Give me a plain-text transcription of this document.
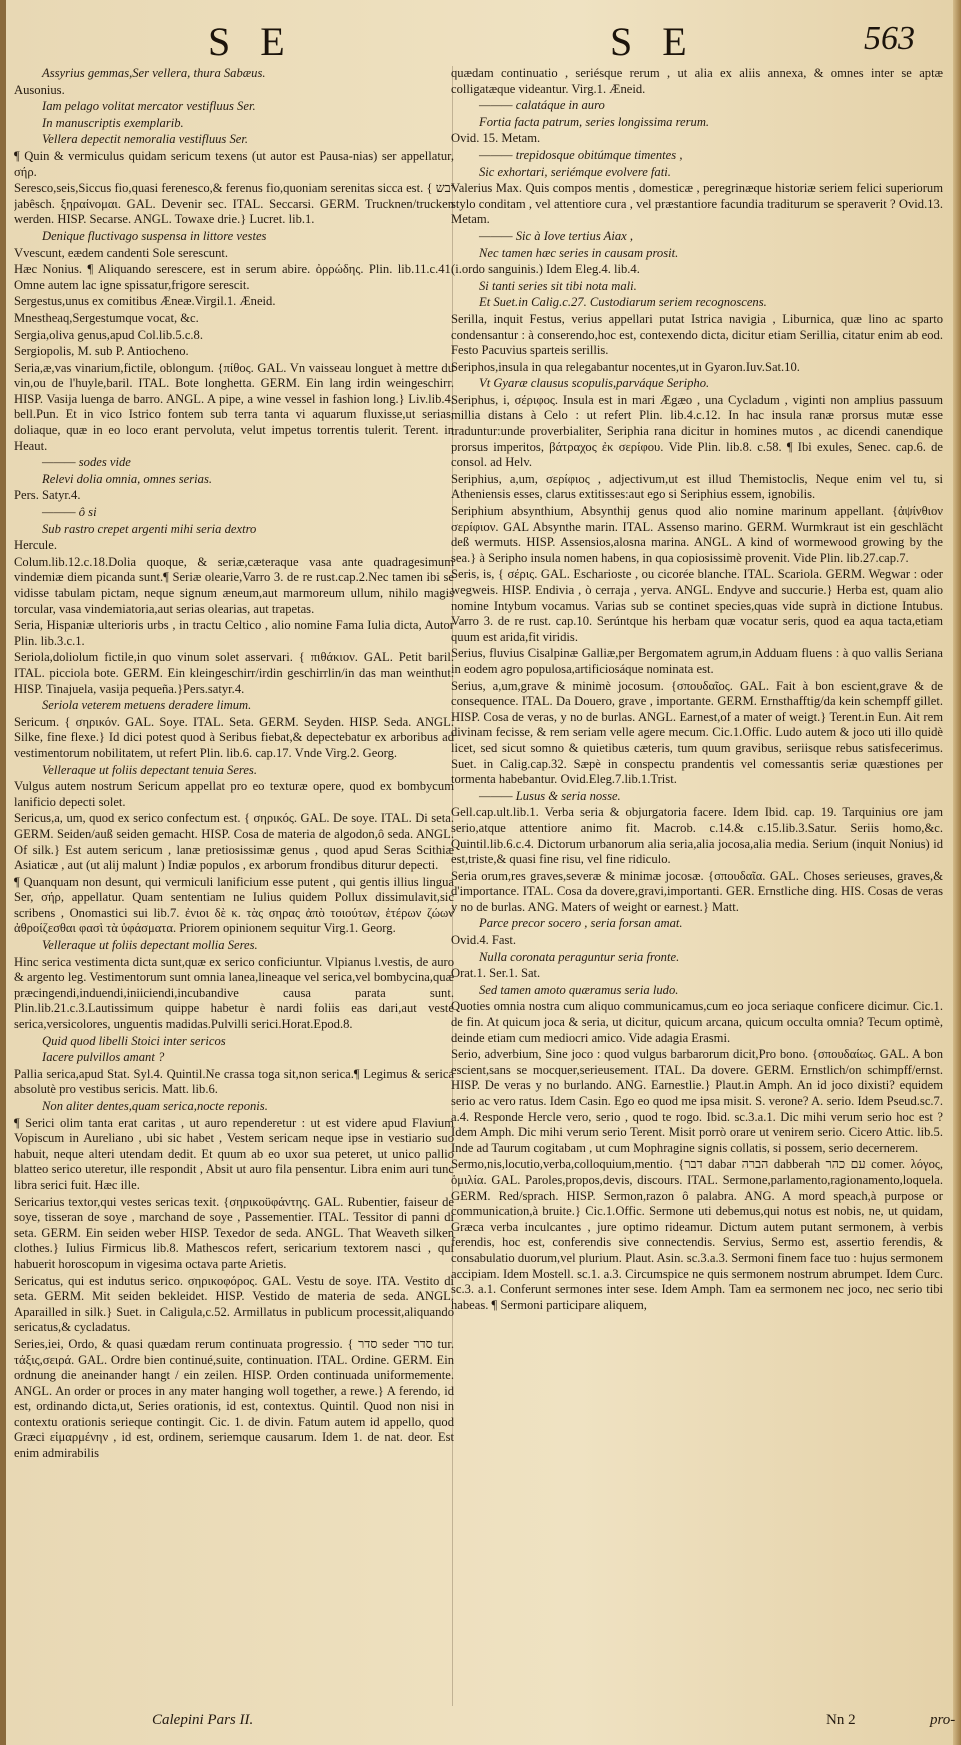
S E	S E	563

Assyrius gemmas,Ser vellera, thura Sabæus.

Ausonius.

Iam pelago volitat mercator vestifluus Ser.

In manuscriptis exemplarib.

Vellera depectit nemoralia vestifluus Ser.

¶ Quin & vermiculus quidam sericum texens (ut autor est Pausa-nias) ser appellatur, σήρ.

Seresco,seis,Siccus fio,quasi ferenesco,& ferenus fio,quoniam serenitas sicca est. { יבש jabêsch. ξηραίνομαι. GAL. Devenir sec. ITAL. Seccarsi. GERM. Trucknen/trucken werden. HISP. Secarse. ANGL. Towaxe drie.} Lucret. lib.1.

Denique fluctivago suspensa in littore vestes

Vvescunt, eædem candenti Sole serescunt.

Hæc Nonius. ¶ Aliquando serescere, est in serum abire. ὀρρώδης. Plin. lib.11.c.41. Omne autem lac igne spissatur,frigore serescit.

Sergestus,unus ex comitibus Æneæ.Virgil.1. Æneid.

Mnestheaq,Sergestumque vocat, &c.

Sergia,oliva genus,apud Col.lib.5.c.8.

Sergiopolis, M. sub P. Antiocheno.

Seria,æ,vas vinarium,fictile, oblongum. {πίθος. GAL. Vn vaisseau longuet à mettre du vin,ou de l'huyle,baril. ITAL. Bote longhetta. GERM. Ein lang irdin weingeschirr. HISP. Vasija luenga de barro. ANGL. A pipe, a wine vessel in fashion long.} Liv.lib.4. bell.Pun. Et in vico Istrico fontem sub terra tanta vi aquarum fluxisse,ut serias, doliaque, quæ in eo loco erant pervoluta, velut impetus torrentis tulerit. Terent. in Heaut.

——— sodes vide

Relevi dolia omnia, omnes serias.

Pers. Satyr.4.

——— ô si

Sub rastro crepet argenti mihi seria dextro

Hercule.

Colum.lib.12.c.18.Dolia quoque, & seriæ,cæteraque vasa ante quadragesimum vindemiæ diem picanda sunt.¶ Seriæ olearie,Varro 3. de re rust.cap.2.Nec tamen ibi se vidisse tabulam pictam, neque signum æneum,aut marmoreum ullum, nihilo magis torcular, vasa vindemiatoria,aut serias olearias, aut trapetas.

Seria, Hispaniæ ulterioris urbs , in tractu Celtico , alio nomine Fama Iulia dicta, Autor Plin. lib.3.c.1.

Seriola,doliolum fictile,in quo vinum solet asservari. { πιθάκιον. GAL. Petit baril. ITAL. picciola bote. GERM. Ein kleingeschirr/irdin geschirrlin/in das man weinthut. HISP. Tinajuela, vasija pequeña.}Pers.satyr.4.

Seriola veterem metuens deradere limum.

Sericum. { σηρικόν. GAL. Soye. ITAL. Seta. GERM. Seyden. HISP. Seda. ANGL. Silke, fine flexe.} Id dici potest quod à Seribus fiebat,& depectebatur ex arboribus ad vestimentorum nobilitatem, ut refert Plin. lib.6. cap.17. Vnde Virg.2. Georg.

Velleraque ut foliis depectant tenuia Seres.

Vulgus autem nostrum Sericum appellat pro eo texturæ opere, quod ex bombycum lanificio depecti solet.

Sericus,a, um, quod ex serico confectum est. { σηρικός. GAL. De soye. ITAL. Di seta. GERM. Seiden/auß seiden gemacht. HISP. Cosa de materia de algodon,ô seda. ANGL. Of silk.} Est autem sericum , lanæ pretiosissimæ genus , quod apud Seras Scithiæ Asiaticæ , aut (ut alij malunt ) Indiæ populos , ex arborum frondibus diturur depecti.

¶ Quanquam non desunt, qui vermiculi lanificium esse putent , qui gentis illius lingua Ser, σήρ, appellatur. Quam sententiam ne Iulius quidem Pollux dissimulavit,sic scribens , Onomastici sui lib.7. ἐνιοι δὲ κ. τὰς σηρας ἀπὸ τοιούτων, ἑτέρων ζώων ἀθροίζεσθαι φασὶ τὰ ὑφάσματα. Priorem opinionem sequitur Virg.1. Georg.

Velleraque ut foliis depectant mollia Seres.

Hinc serica vestimenta dicta sunt,quæ ex serico conficiuntur. Vlpianus l.vestis, de auro & argento leg. Vestimentorum sunt omnia lanea,lineaque vel serica,vel bombycina,quæ præcingendi,induendi,iniiciendi,incubandive causa parata sunt. Plin.lib.21.c.3.Lautissimum quippe habetur è nardi foliis eas dari,aut veste serica,versicolores, unguentis madidas.Pulvilli serici.Horat.Epod.8.

Quid quod libelli Stoici inter sericos

Iacere pulvillos amant ?

Pallia serica,apud Stat. Syl.4. Quintil.Ne crassa toga sit,non serica.¶ Legimus & serica absolutè pro vestibus sericis. Matt. lib.6.

Non aliter dentes,quam serica,nocte reponis.

¶ Serici olim tanta erat caritas , ut auro rependeretur : ut est videre apud Flavium Vopiscum in Aureliano , ubi sic habet , Vestem sericam neque ipse in vestiario suo habuit, neque alteri utendam dedit. Et quum ab eo uxor sua peteret, ut unico pallio blatteo serico uteretur, ille respondit , Absit ut auro fila pensentur. Libra enim auri tunc libra serici fuit. Hæc ille.

Sericarius textor,qui vestes sericas texit. {σηρικοϋφάντης. GAL. Rubentier, faiseur de soye, tisseran de soye , marchand de soye , Passementier. ITAL. Tessitor di panni di seta. GERM. Ein seiden weber HISP. Texedor de seda. ANGL. That Weaveth silken clothes.} Iulius Firmicus lib.8. Mathescos refert, sericarium textorem nasci , qui habuerit horoscopum in vigesima octava parte Arietis.

Sericatus, qui est indutus serico. σηρικοφόρος. GAL. Vestu de soye. ITA. Vestito di seta. GERM. Mit seiden bekleidet. HISP. Vestido de materia de seda. ANGL. Aparailled in silk.} Suet. in Caligula,c.52. Armillatus in publicum processit,aliquando sericatus,& cycladatus.

Series,iei, Ordo, & quasi quædam rerum continuata progressio. { סדר seder סדר tur. τάξις,σειρά. GAL. Ordre bien continué,suite, continuation. ITAL. Ordine. GERM. Ein ordnung die aneinander hangt / ein zeilen. HISP. Orden continuada uniformemente. ANGL. An order or proces in any mater hanging woll together, a rewe.} A ferendo, id est, ordinando dicta,ut, Series orationis, id est, contextus. Quintil. Quod non nisi in contextu orationis serieque contingit. Cic. 1. de divin. Fatum autem id appello, quod Græci εἱμαρμένην , id est, ordinem, seriemque causarum. Idem 1. de nat. deor. Est enim admirabilis

quædam continuatio , seriésque rerum , ut alia ex aliis annexa, & omnes inter se aptæ colligatæque videantur. Virg.1. Æneid.

——— calatáque in auro

Fortia facta patrum, series longissima rerum.

Ovid. 15. Metam.

——— trepidosque obitúmque timentes ,

Sic exhortari, seriémque evolvere fati.

Valerius Max. Quis compos mentis , domesticæ , peregrinæque historiæ seriem felici superiorum stylo conditam , vel attentiore cura , vel præstantiore facundia traditurum se speraverit ? Ovid.13. Metam.

——— Sic à Iove tertius Aiax ,

Nec tamen hæc series in causam prosit.

(i.ordo sanguinis.) Idem Eleg.4. lib.4.

Si tanti series sit tibi nota mali.

Et Suet.in Calig.c.27. Custodiarum seriem recognoscens.

Serilla, inquit Festus, verius appellari putat Istrica navigia , Liburnica, quæ lino ac sparto condensantur : à conserendo,hoc est, contexendo dicta, dicitur etiam Serillia, citatur enim ab eod. Festo Pacuvius sparteis serillis.

Seriphos,insula in qua relegabantur nocentes,ut in Gyaron.Iuv.Sat.10.

Vt Gyaræ clausus scopulis,parváque Seripho.

Seriphus, i, σέριφος. Insula est in mari Ægæo , una Cycladum , viginti non amplius passuum millia distans à Celo : ut refert Plin. lib.4.c.12. In hac insula ranæ prorsus mutæ esse traduntur:unde proverbialiter, Seriphia rana dicitur in homines mutos , ac dicendi canendique prorsus imperitos, βάτραχος ἐκ σερίφου. Vide Plin. lib.8. c.58. ¶ Ibi exules, Senec. cap.6. de consol. ad Helv.

Seriphius, a,um, σερίφιος , adjectivum,ut est illud Themistoclis, Neque enim vel tu, si Atheniensis esses, clarus extitisses:aut ego si Seriphius essem, ignobilis.

Seriphium absynthium, Absynthij genus quod alio nomine marinum appellant. {ἀψίνθιον σερίφιον. GAL Absynthe marin. ITAL. Assenso marino. GERM. Wurmkraut ist ein geschlächt deß wermuts. HISP. Assensios,alosna marina. ANGL. A kind of wormewood growing by the sea.} à Seripho insula nomen habens, in qua copiosissimè provenit. Vide Plin. lib.27.cap.7.

Seris, is, { σέρις. GAL. Escharioste , ou cicorée blanche. ITAL. Scariola. GERM. Wegwar : oder wegweis. HISP. Endivia , ò cerraja , yerva. ANGL. Endyve and succurie.} Herba est, quam alio nomine Intybum vocamus. Varias sub se continet species,quas vide suprà in dictione Intubus. Varro 3. de re rust. cap.10. Serúntque his herbam quæ vocatur seris, quod ea aqua tacta,etiam quum est arida,fit viridis.

Serius, fluvius Cisalpinæ Galliæ,per Bergomatem agrum,in Adduam fluens : à quo vallis Seriana in eodem agro populosa,artificiosáque nominata est.

Serius, a,um,grave & minimè jocosum. {σπουδαῖος. GAL. Fait à bon escient,grave & de consequence. ITAL. Da Douero, grave , importante. GERM. Ernsthafftig/da kein schempff gillet. HISP. Cosa de veras, y no de burlas. ANGL. Earnest,of a mater of weigt.} Terent.in Eun. Ait rem divinam fecisse, & rem seriam velle agere mecum. Cic.1.Offic. Ludo autem & joco uti illo quidè licet, sed sicut somno & quietibus cæteris, tum quum gravibus, seriisque rebus satisfecerimus. Suet. in Calig.cap.32. Sæpè in conspectu prandentis vel comessantis seriæ quæstiones per tormenta habebantur. Ovid.Eleg.7.lib.1.Trist.

——— Lusus & seria nosse.

Gell.cap.ult.lib.1. Verba seria & objurgatoria facere. Idem Ibid. cap. 19. Tarquinius ore jam serio,atque attentiore animo fit. Macrob. c.14.& c.15.lib.3.Satur. Seriis homo,&c. Quintil.lib.6.c.4. Dictorum urbanorum alia seria,alia jocosa,alia media. Serium (inquit Nonius) id est,triste,& quasi fine risu, vel fine ridiculo.

Seria orum,res graves,severæ & minimæ jocosæ. {σπουδαῖα. GAL. Choses serieuses, graves,& d'importance. ITAL. Cosa da dovere,gravi,importanti. GER. Ernstliche ding. HIS. Cosas de veras y no de burlas. ANG. Maters of weight or earnest.} Matt.

Parce precor socero , seria forsan amat.

Ovid.4. Fast.

Nulla coronata peraguntur seria fronte.

Orat.1. Ser.1. Sat.

Sed tamen amoto quæramus seria ludo.

Quoties omnia nostra cum aliquo communicamus,cum eo joca seriaque conficere dicimur. Cic.1. de fin. At quicum joca & seria, ut dicitur, quicum arcana, quicum occulta omnia? Tecum optimè, deinde etiam cum mediocri amico. Vide adagia Erasmi.

Serio, adverbium, Sine joco : quod vulgus barbarorum dicit,Pro bono. {σπουδαίως. GAL. A bon escient,sans se mocquer,serieusement. ITAL. Da dovere. GERM. Ernstlich/on schimpff/ernst. HISP. De veras y no burlando. ANG. Earnestlie.} Plaut.in Amph. An id joco dixisti? equidem serio ac vero ratus. Idem Casin. Ego eo quod me ipsa misit. S. verone? A. serio. Idem Pseud.sc.7. a.4. Responde Hercle vero, serio , quod te rogo. Ibid. sc.3.a.1. Dic mihi verum serio hoc est ? Idem Amph. Dic mihi verum serio Terent. Misit porrò orare ut venirem serio. Cicero Attic. lib.5. Inde ad Taurum cogitabam , ut cum Mophragine signis collatis, si possem, serio decernerem.

Sermo,nis,locutio,verba,colloquium,mentio. {דבר dabar הברה dabberah עם כהר comer. λόγος, ὁμιλία. GAL. Paroles,propos,devis, discours. ITAL. Sermone,parlamento,ragionamento,loquela. GERM. Red/sprach. HISP. Sermon,razon ô palabra. ANG. A mord speach,à purpose or communication,à bruite.} Cic.1.Offic. Sermone uti debemus,qui notus est nobis, ne, ut quidam, Græca verba inculcantes , jure optimo rideamur. Dictum autem putant sermonem, à verbis ferendis, hoc est, conferendis sive connectendis. Servius, Sermo est, assertio ferendis, & consabulatio duorum,vel plurium. Plaut. Asin. sc.3.a.3. Sermoni finem face tuo : hujus sermonem accipiam. Idem Mostell. sc.1. a.3. Circumspice ne quis sermonem nostrum abrumpet. Idem Curc. sc.3. a.1. Conferunt sermones inter sese. Idem Amph. Tam ea sermonem nec joco, nec serio tibi habeas. ¶ Sermoni participare aliquem,

Calepini Pars II.	Nn 2	pro-
